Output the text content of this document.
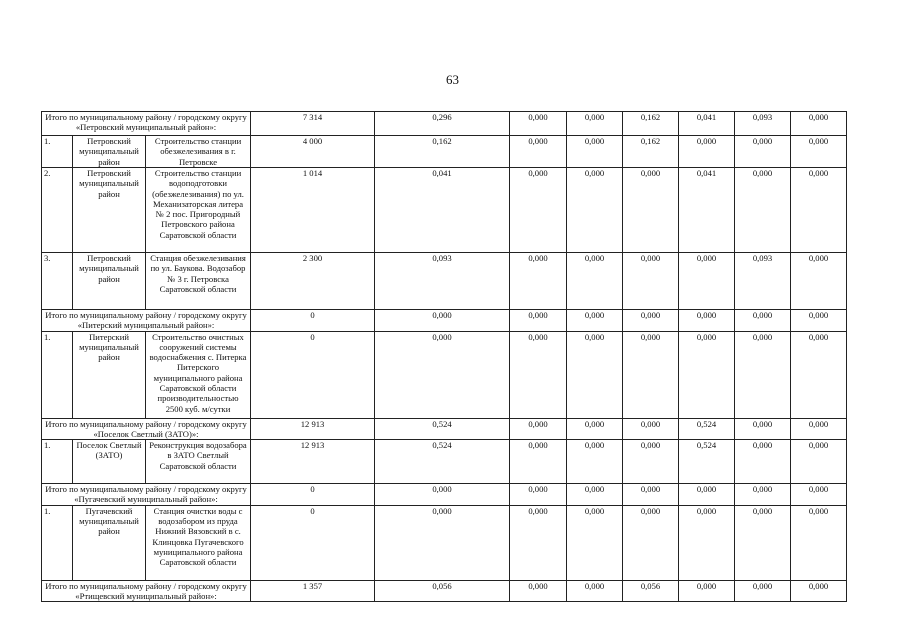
63
Итого по муниципальному району / городскому округу «Петровский муниципальный район»:			7 314	0,296	0,000	0,000	0,162	0,041	0,093	0,000
1.	Петровский муниципальный район	Строительство станции обезжелезивания в г. Петровске	4 000	0,162	0,000	0,000	0,162	0,000	0,000	0,000
2.	Петровский муниципальный район	Строительство станции водоподготовки (обезжелезивания) по ул. Механизаторская литера № 2 пос. Пригородный Петровского района Саратовской области	1 014	0,041	0,000	0,000	0,000	0,041	0,000	0,000
3.	Петровский муниципальный район	Станция обезжелезивания по ул. Баукова. Водозабор № 3 г. Петровска Саратовской области	2 300	0,093	0,000	0,000	0,000	0,000	0,093	0,000
Итого по муниципальному району / городскому округу «Питерский муниципальный район»:			0	0,000	0,000	0,000	0,000	0,000	0,000	0,000
1.	Питерский муниципальный район	Строительство очистных сооружений системы водоснабжения с. Питерка Питерского муниципального района Саратовской области производительностью 2500 куб. м/сутки	0	0,000	0,000	0,000	0,000	0,000	0,000	0,000
Итого по муниципальному району / городскому округу «Поселок Светлый (ЗАТО)»:			12 913	0,524	0,000	0,000	0,000	0,524	0,000	0,000
1.	Поселок Светлый (ЗАТО)	Реконструкция водозабора в ЗАТО Светлый Саратовской области	12 913	0,524	0,000	0,000	0,000	0,524	0,000	0,000
Итого по муниципальному району / городскому округу «Пугачевский муниципальный район»:			0	0,000	0,000	0,000	0,000	0,000	0,000	0,000
1.	Пугачевский муниципальный район	Станция очистки воды с водозабором из пруда Нижний Вязовский в с. Клинцовка Пугачевского муниципального района Саратовской области	0	0,000	0,000	0,000	0,000	0,000	0,000	0,000
Итого по муниципальному району / городскому округу «Ртищевский муниципальный район»:			1 357	0,056	0,000	0,000	0,056	0,000	0,000	0,000
